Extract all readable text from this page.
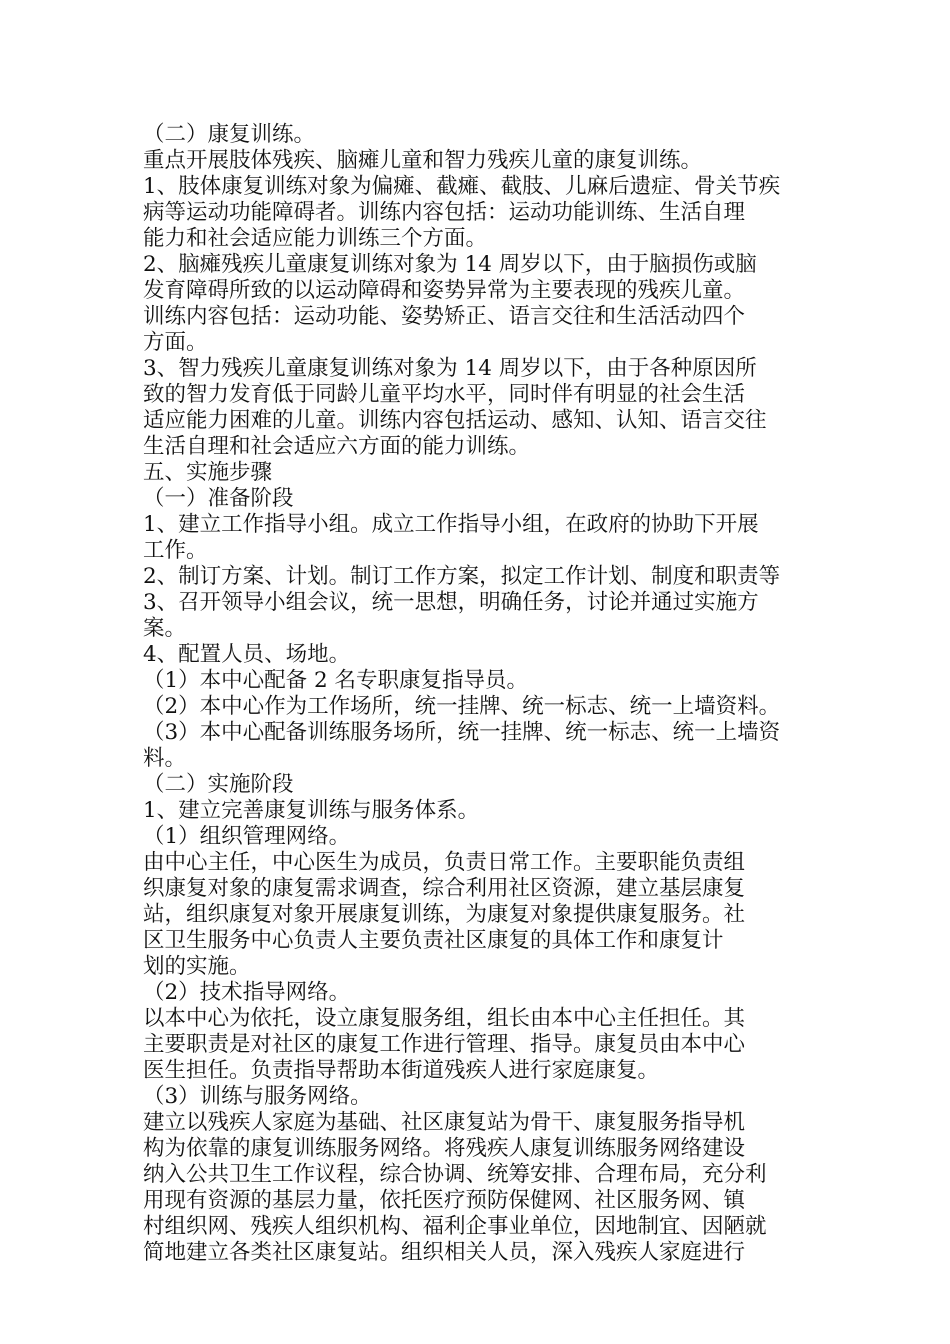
（二）康复训练。
重点开展肢体残疾、脑瘫儿童和智力残疾儿童的康复训练。
1、肢体康复训练对象为偏瘫、截瘫、截肢、儿麻后遗症、骨关节疾
病等运动功能障碍者。训练内容包括：运动功能训练、生活自理
能力和社会适应能力训练三个方面。
2、脑瘫残疾儿童康复训练对象为 14 周岁以下，由于脑损伤或脑
发育障碍所致的以运动障碍和姿势异常为主要表现的残疾儿童。
训练内容包括：运动功能、姿势矫正、语言交往和生活活动四个
方面。
3、智力残疾儿童康复训练对象为 14 周岁以下，由于各种原因所
致的智力发育低于同龄儿童平均水平，同时伴有明显的社会生活
适应能力困难的儿童。训练内容包括运动、感知、认知、语言交往
生活自理和社会适应六方面的能力训练。
五、实施步骤
（一）准备阶段
1、建立工作指导小组。成立工作指导小组，在政府的协助下开展
工作。
2、制订方案、计划。制订工作方案，拟定工作计划、制度和职责等
3、召开领导小组会议，统一思想，明确任务，讨论并通过实施方
案。
4、配置人员、场地。
（1）本中心配备 2 名专职康复指导员。
（2）本中心作为工作场所，统一挂牌、统一标志、统一上墙资料。
（3）本中心配备训练服务场所，统一挂牌、统一标志、统一上墙资
料。
（二）实施阶段
1、建立完善康复训练与服务体系。
（1）组织管理网络。
由中心主任，中心医生为成员，负责日常工作。主要职能负责组
织康复对象的康复需求调查，综合利用社区资源，建立基层康复
站，组织康复对象开展康复训练，为康复对象提供康复服务。社
区卫生服务中心负责人主要负责社区康复的具体工作和康复计
划的实施。
（2）技术指导网络。
以本中心为依托，设立康复服务组，组长由本中心主任担任。其
主要职责是对社区的康复工作进行管理、指导。康复员由本中心
医生担任。负责指导帮助本街道残疾人进行家庭康复。
（3）训练与服务网络。
建立以残疾人家庭为基础、社区康复站为骨干、康复服务指导机
构为依靠的康复训练服务网络。将残疾人康复训练服务网络建设
纳入公共卫生工作议程，综合协调、统筹安排、合理布局，充分利
用现有资源的基层力量，依托医疗预防保健网、社区服务网、镇
村组织网、残疾人组织机构、福利企事业单位，因地制宜、因陋就
简地建立各类社区康复站。组织相关人员，深入残疾人家庭进行
